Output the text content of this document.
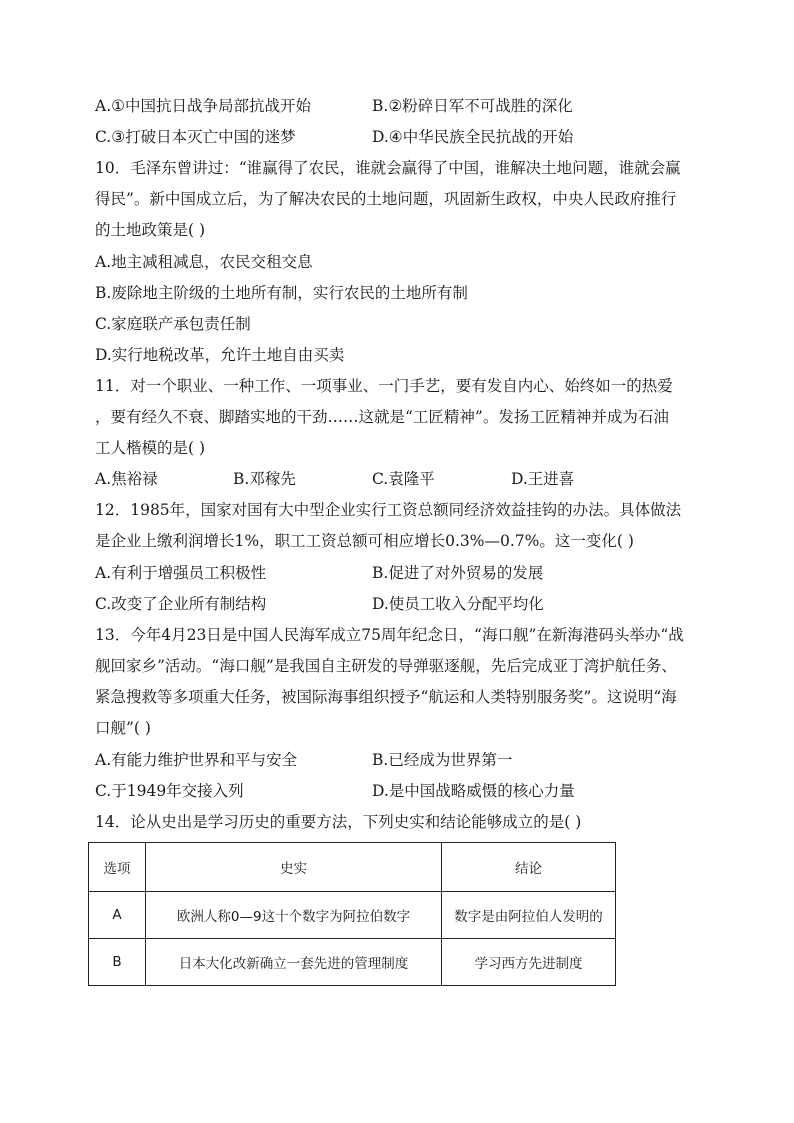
A.①中国抗日战争局部抗战开始	B.②粉碎日军不可战胜的深化
C.③打破日本灭亡中国的迷梦	D.④中华民族全民抗战的开始
10．毛泽东曾讲过：“谁赢得了农民，谁就会赢得了中国，谁解决土地问题，谁就会赢
得民”。新中国成立后，为了解决农民的土地问题，巩固新生政权，中央人民政府推行
的土地政策是( )
A.地主减租减息，农民交租交息
B.废除地主阶级的土地所有制，实行农民的土地所有制
C.家庭联产承包责任制
D.实行地税改革，允许土地自由买卖
11．对一个职业、一种工作、一项事业、一门手艺，要有发自内心、始终如一的热爱
，要有经久不衰、脚踏实地的干劲……这就是“工匠精神”。发扬工匠精神并成为石油
工人楷模的是( )
A.焦裕禄	B.邓稼先	C.袁隆平	D.王进喜
12．1985年，国家对国有大中型企业实行工资总额同经济效益挂钩的办法。具体做法
是企业上缴利润增长1%，职工工资总额可相应增长0.3%—0.7%。这一变化( )
A.有利于增强员工积极性	B.促进了对外贸易的发展
C.改变了企业所有制结构	D.使员工收入分配平均化
13．今年4月23日是中国人民海军成立75周年纪念日，“海口舰”在新海港码头举办“战
舰回家乡”活动。“海口舰”是我国自主研发的导弹驱逐舰，先后完成亚丁湾护航任务、
紧急搜救等多项重大任务，被国际海事组织授予“航运和人类特别服务奖”。这说明“海
口舰”( )
A.有能力维护世界和平与安全	B.已经成为世界第一
C.于1949年交接入列	D.是中国战略威慑的核心力量
14．论从史出是学习历史的重要方法，下列史实和结论能够成立的是( )
选项	史实	结论
A	欧洲人称0—9这十个数字为阿拉伯数字	数字是由阿拉伯人发明的
B	日本大化改新确立一套先进的管理制度	学习西方先进制度
